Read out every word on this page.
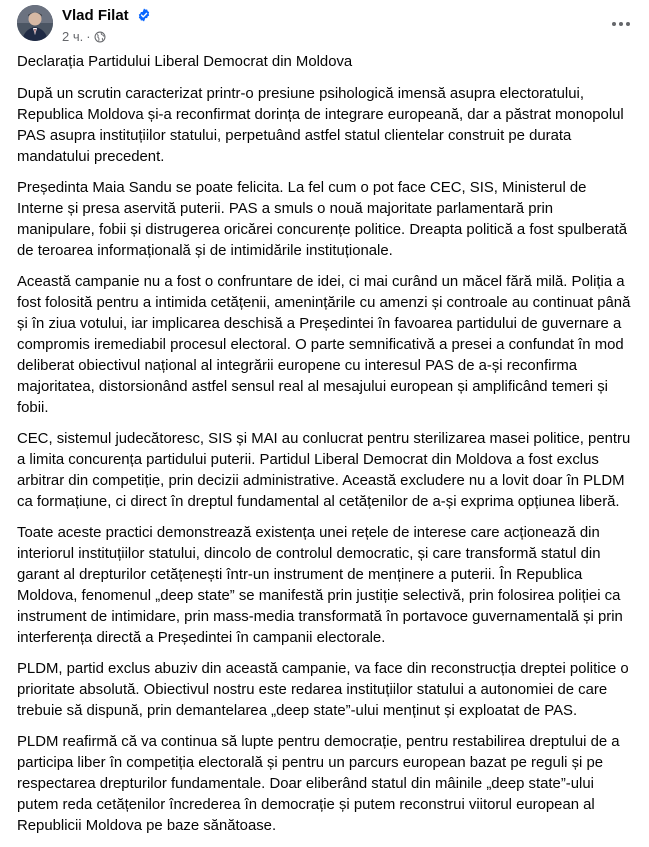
Vlad Filat
2 ч. ·

Declarația Partidului Liberal Democrat din Moldova

După un scrutin caracterizat printr-o presiune psihologică imensă asupra electoratului, Republica Moldova și-a reconfirmat dorința de integrare europeană, dar a păstrat monopolul PAS asupra instituțiilor statului, perpetuând astfel statul clientelar construit pe durata mandatului precedent.

Președinta Maia Sandu se poate felicita. La fel cum o pot face CEC, SIS, Ministerul de Interne și presa aservită puterii. PAS a smuls o nouă majoritate parlamentară prin manipulare, fobii și distrugerea oricărei concurențe politice. Dreapta politică a fost spulberată de teroarea informațională și de intimidările instituționale.

Această campanie nu a fost o confruntare de idei, ci mai curând un măcel fără milă. Poliția a fost folosită pentru a intimida cetățenii, amenințările cu amenzi și controale au continuat până și în ziua votului, iar implicarea deschisă a Președintei în favoarea partidului de guvernare a compromis iremediabil procesul electoral. O parte semnificativă a presei a confundat în mod deliberat obiectivul național al integrării europene cu interesul PAS de a-și reconfirma majoritatea, distorsionând astfel sensul real al mesajului european și amplificând temeri și fobii.

CEC, sistemul judecătoresc, SIS și MAI au conlucrat pentru sterilizarea masei politice, pentru a limita concurența partidului puterii. Partidul Liberal Democrat din Moldova a fost exclus arbitrar din competiție, prin decizii administrative. Această excludere nu a lovit doar în PLDM ca formațiune, ci direct în dreptul fundamental al cetățenilor de a-și exprima opțiunea liberă.

Toate aceste practici demonstrează existența unei rețele de interese care acționează din interiorul instituțiilor statului, dincolo de controlul democratic, și care transformă statul din garant al drepturilor cetățenești într-un instrument de menținere a puterii. În Republica Moldova, fenomenul „deep state” se manifestă prin justiție selectivă, prin folosirea poliției ca instrument de intimidare, prin mass-media transformată în portavoce guvernamentală și prin interferența directă a Președintei în campanii electorale.

PLDM, partid exclus abuziv din această campanie, va face din reconstrucția dreptei politice o prioritate absolută. Obiectivul nostru este redarea instituțiilor statului a autonomiei de care trebuie să dispună, prin demantelarea „deep state”-ului menținut și exploatat de PAS.

PLDM reafirmă că va continua să lupte pentru democrație, pentru restabilirea dreptului de a participa liber în competiția electorală și pentru un parcurs european bazat pe reguli și pe respectarea drepturilor fundamentale. Doar eliberând statul din mâinile „deep state”-ului putem reda cetățenilor încrederea în democrație și putem reconstrui viitorul european al Republicii Moldova pe baze sănătoase.
